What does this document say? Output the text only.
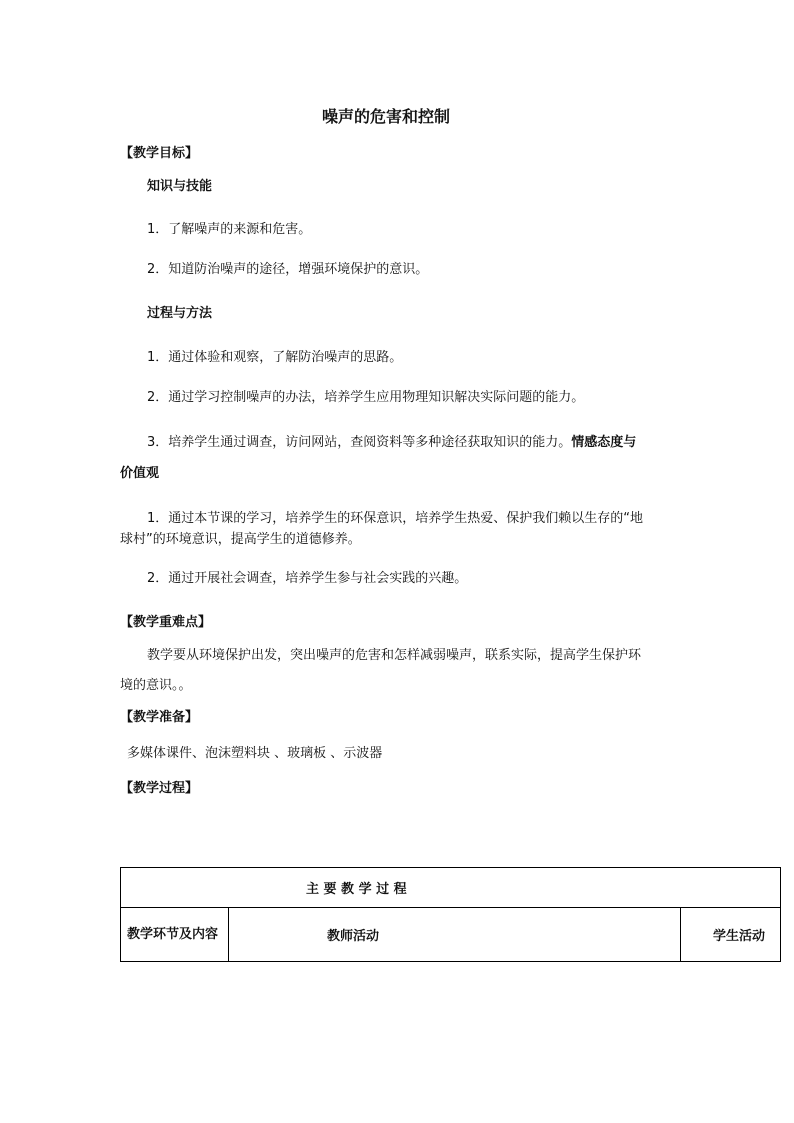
噪声的危害和控制
【教学目标】
知识与技能
1．了解噪声的来源和危害。
2．知道防治噪声的途径，增强环境保护的意识。
过程与方法
1．通过体验和观察，了解防治噪声的思路。
2．通过学习控制噪声的办法，培养学生应用物理知识解决实际问题的能力。
3．培养学生通过调查，访问网站，查阅资料等多种途径获取知识的能力。情感态度与
价值观
1．通过本节课的学习，培养学生的环保意识，培养学生热爱、保护我们赖以生存的“地
球村”的环境意识，提高学生的道德修养。
2．通过开展社会调查，培养学生参与社会实践的兴趣。
【教学重难点】
教学要从环境保护出发，突出噪声的危害和怎样减弱噪声，联系实际，提高学生保护环
境的意识。。
【教学准备】
多媒体课件、泡沫塑料块 、玻璃板 、示波器
【教学过程】
主 要 教 学 过 程
教学环节及内容	教师活动	学生活动
